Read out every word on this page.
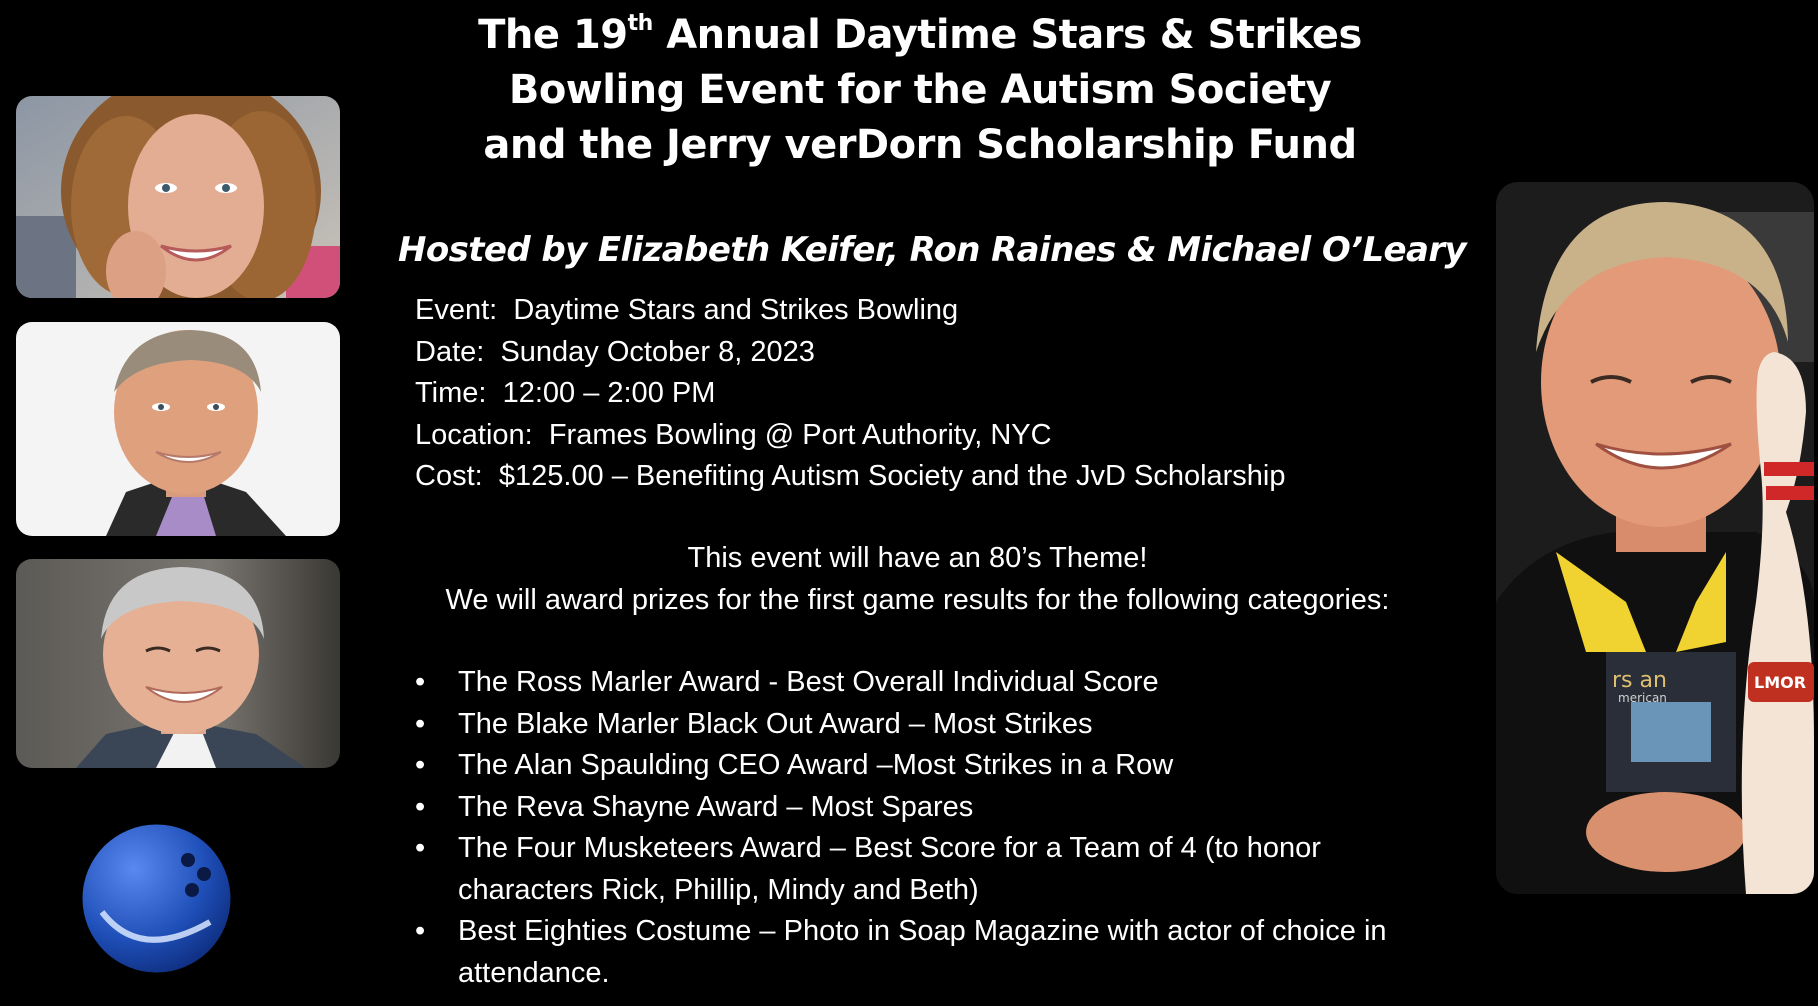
rs an
merican
LMOR
The 19th Annual Daytime Stars & Strikes
Bowling Event for the Autism Society
and the Jerry verDorn Scholarship Fund
Hosted by Elizabeth Keifer, Ron Raines & Michael O’Leary
Event: Daytime Stars and Strikes Bowling
Date: Sunday October 8, 2023
Time: 12:00 – 2:00 PM
Location: Frames Bowling @ Port Authority, NYC
Cost: $125.00 – Benefiting Autism Society and the JvD Scholarship
This event will have an 80’s Theme!
We will award prizes for the first game results for the following categories:
• The Ross Marler Award - Best Overall Individual Score
• The Blake Marler Black Out Award – Most Strikes
• The Alan Spaulding CEO Award –Most Strikes in a Row
• The Reva Shayne Award – Most Spares
• The Four Musketeers Award – Best Score for a Team of 4 (to honor characters Rick, Phillip, Mindy and Beth)
• Best Eighties Costume – Photo in Soap Magazine with actor of choice in attendance.
